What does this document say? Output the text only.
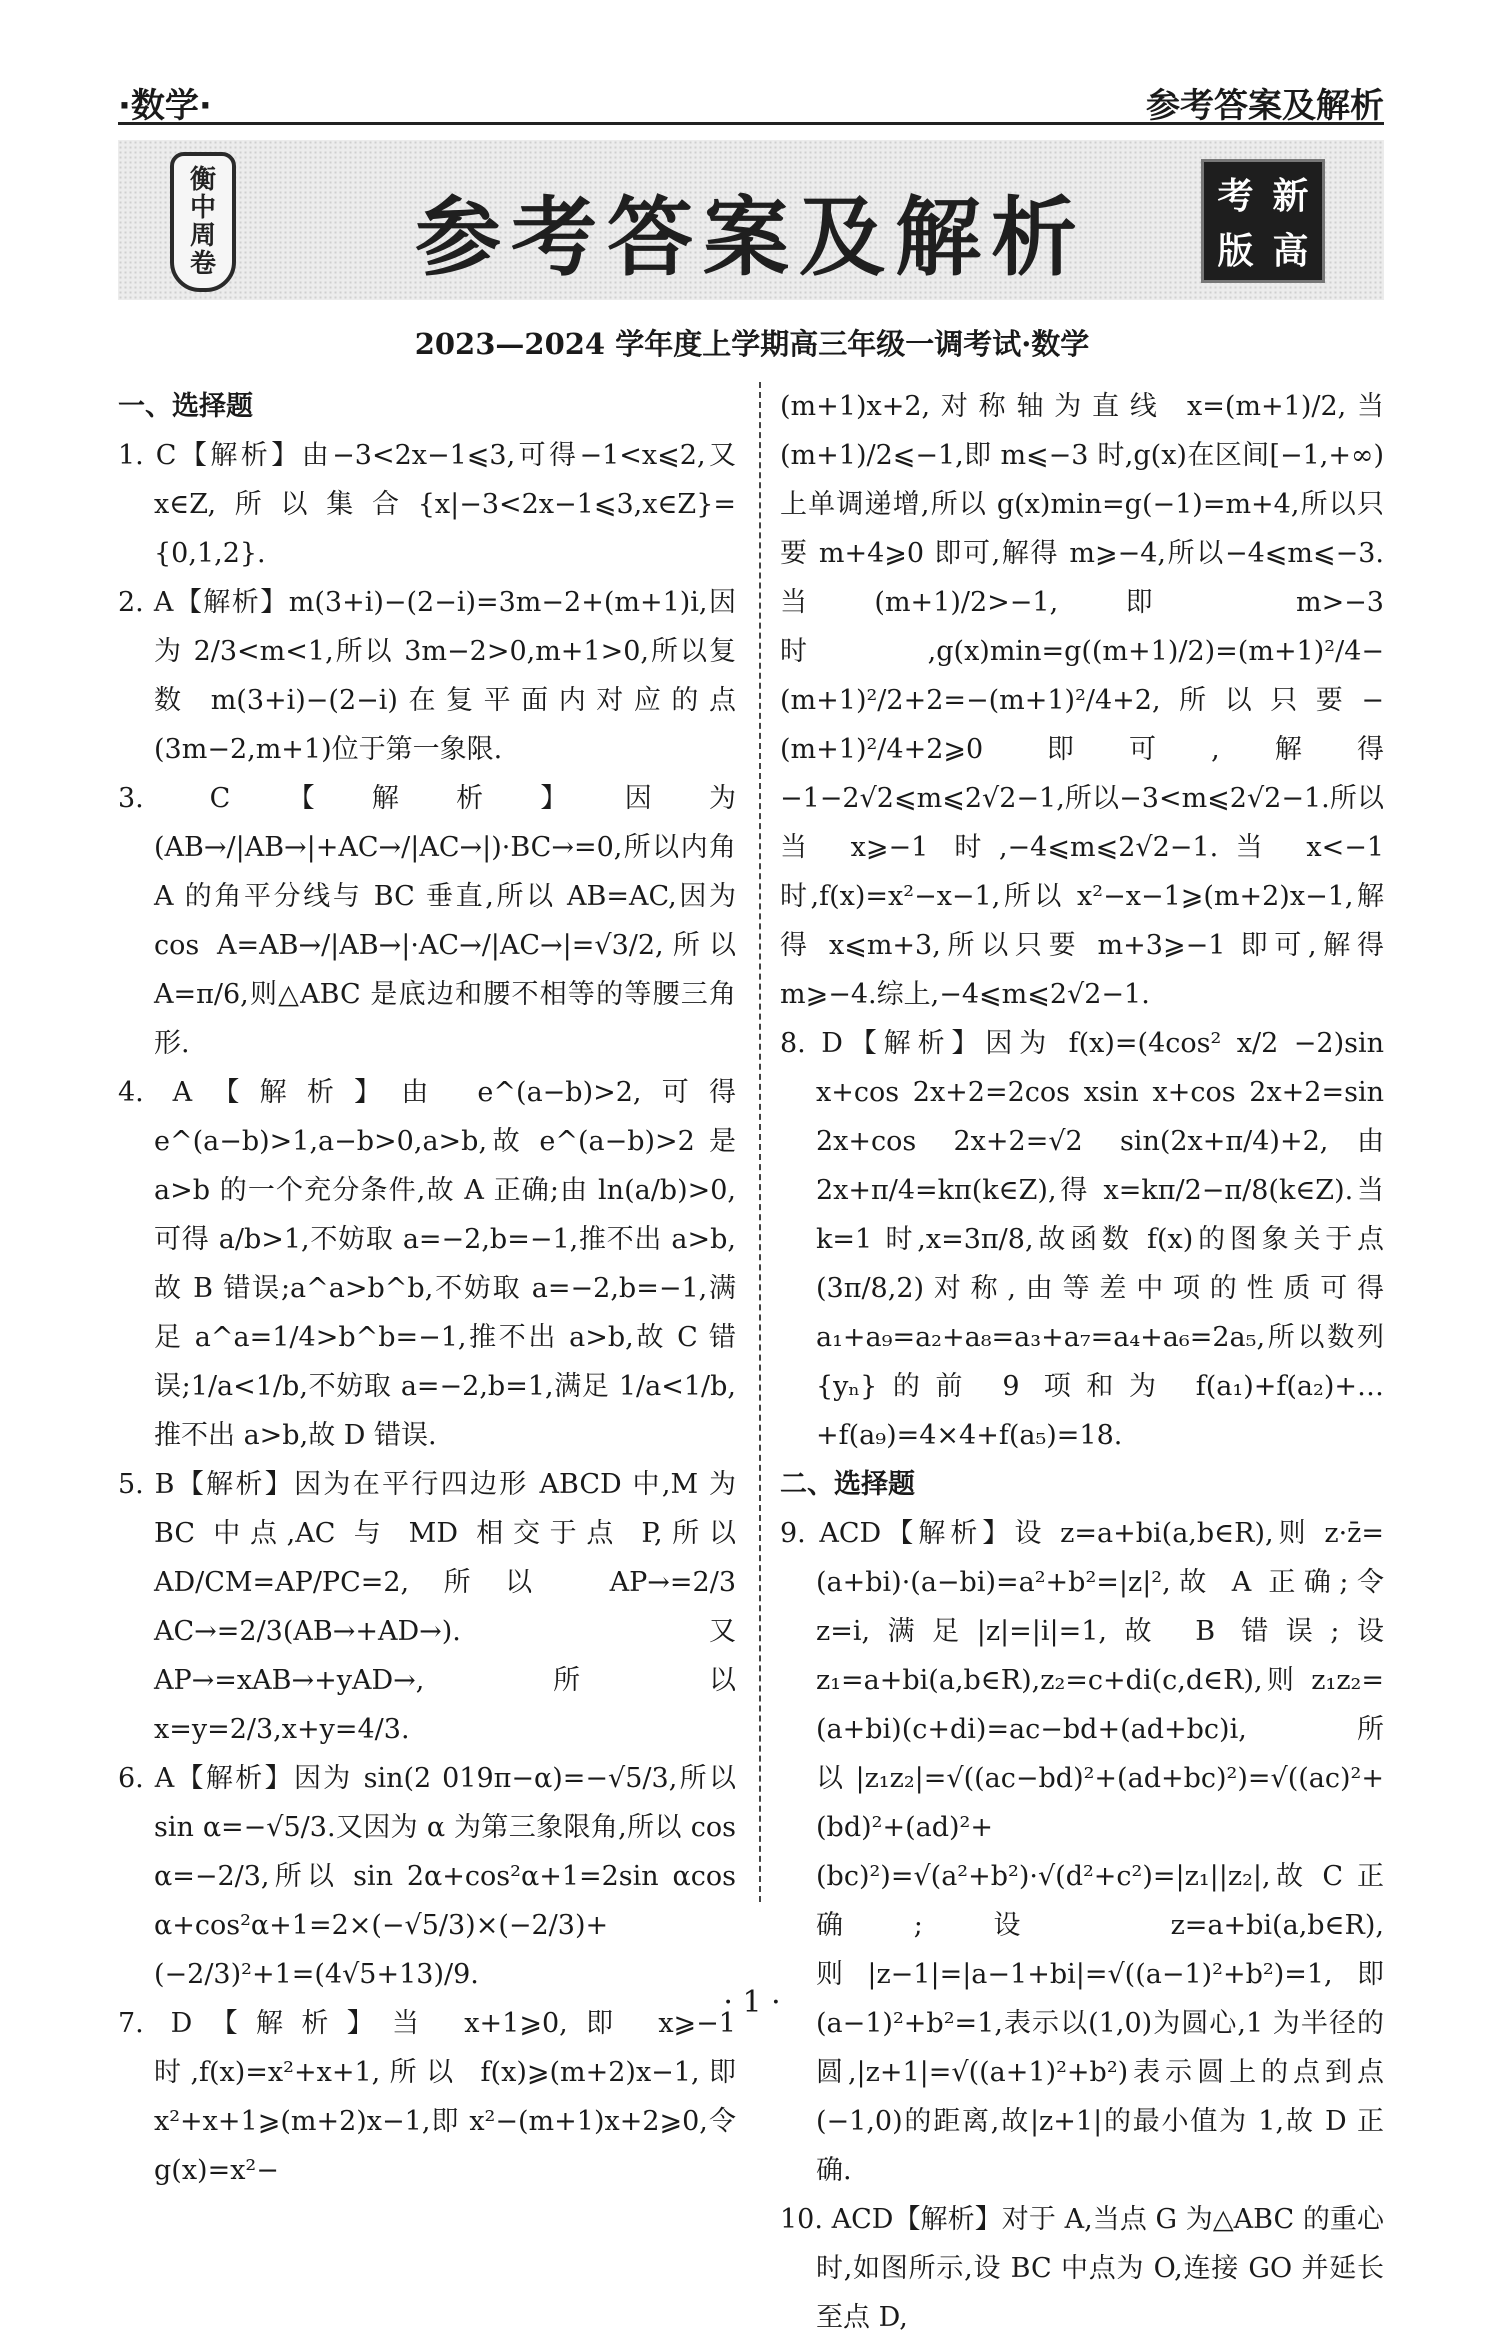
·数学·	参考答案及解析
衡
中
周
卷	参考答案及解析	考 新
版 高
2023—2024 学年度上学期高三年级一调考试·数学

一、选择题

1. C【解析】由−3<2x−1⩽3,可得−1<x⩽2,又 x∈Z,所以集合{x|−3<2x−1⩽3,x∈Z}={0,1,2}.

2. A【解析】m(3+i)−(2−i)=3m−2+(m+1)i,因为 2/3<m<1,所以 3m−2>0,m+1>0,所以复数 m(3+i)−(2−i)在复平面内对应的点(3m−2,m+1)位于第一象限.

3. C【解析】因为(AB→/|AB→|+AC→/|AC→|)·BC→=0,所以内角 A 的角平分线与 BC 垂直,所以 AB=AC,因为 cos A=AB→/|AB→|·AC→/|AC→|=√3/2,所以 A=π/6,则△ABC 是底边和腰不相等的等腰三角形.

4. A【解析】由 e^(a−b)>2,可得 e^(a−b)>1,a−b>0,a>b,故 e^(a−b)>2 是 a>b 的一个充分条件,故 A 正确;由 ln(a/b)>0,可得 a/b>1,不妨取 a=−2,b=−1,推不出 a>b,故 B 错误;a^a>b^b,不妨取 a=−2,b=−1,满足 a^a=1/4>b^b=−1,推不出 a>b,故 C 错误;1/a<1/b,不妨取 a=−2,b=1,满足 1/a<1/b,推不出 a>b,故 D 错误.

5. B【解析】因为在平行四边形 ABCD 中,M 为 BC 中点,AC 与 MD 相交于点 P,所以 AD/CM=AP/PC=2,所以 AP→=2/3 AC→=2/3(AB→+AD→).又 AP→=xAB→+yAD→,所以 x=y=2/3,x+y=4/3.

6. A【解析】因为 sin(2 019π−α)=−√5/3,所以 sin α=−√5/3.又因为 α 为第三象限角,所以 cos α=−2/3,所以 sin 2α+cos²α+1=2sin αcos α+cos²α+1=2×(−√5/3)×(−2/3)+(−2/3)²+1=(4√5+13)/9.

7. D【解析】当 x+1⩾0,即 x⩾−1 时,f(x)=x²+x+1,所以 f(x)⩾(m+2)x−1,即 x²+x+1⩾(m+2)x−1,即 x²−(m+1)x+2⩾0,令 g(x)=x²−

(m+1)x+2,对称轴为直线 x=(m+1)/2,当(m+1)/2⩽−1,即 m⩽−3 时,g(x)在区间[−1,+∞)上单调递增,所以 g(x)min=g(−1)=m+4,所以只要 m+4⩾0 即可,解得 m⩾−4,所以−4⩽m⩽−3.当(m+1)/2>−1,即 m>−3 时,g(x)min=g((m+1)/2)=(m+1)²/4−(m+1)²/2+2=−(m+1)²/4+2,所以只要−(m+1)²/4+2⩾0 即可,解得−1−2√2⩽m⩽2√2−1,所以−3<m⩽2√2−1.所以当 x⩾−1 时,−4⩽m⩽2√2−1.当 x<−1 时,f(x)=x²−x−1,所以 x²−x−1⩾(m+2)x−1,解得 x⩽m+3,所以只要 m+3⩾−1 即可,解得 m⩾−4.综上,−4⩽m⩽2√2−1.

8. D【解析】因为 f(x)=(4cos² x/2 −2)sin x+cos 2x+2=2cos xsin x+cos 2x+2=sin 2x+cos 2x+2=√2 sin(2x+π/4)+2,由 2x+π/4=kπ(k∈Z),得 x=kπ/2−π/8(k∈Z).当 k=1 时,x=3π/8,故函数 f(x)的图象关于点(3π/8,2)对称,由等差中项的性质可得 a₁+a₉=a₂+a₈=a₃+a₇=a₄+a₆=2a₅,所以数列{yₙ}的前 9 项和为 f(a₁)+f(a₂)+…+f(a₉)=4×4+f(a₅)=18.

二、选择题

9. ACD【解析】设 z=a+bi(a,b∈R),则 z·z̄=(a+bi)·(a−bi)=a²+b²=|z|²,故 A 正确;令 z=i,满足|z|=|i|=1,故 B 错误;设 z₁=a+bi(a,b∈R),z₂=c+di(c,d∈R),则 z₁z₂=(a+bi)(c+di)=ac−bd+(ad+bc)i,所以|z₁z₂|=√((ac−bd)²+(ad+bc)²)=√((ac)²+(bd)²+(ad)²+(bc)²)=√(a²+b²)·√(d²+c²)=|z₁||z₂|,故 C 正确;设 z=a+bi(a,b∈R),则|z−1|=|a−1+bi|=√((a−1)²+b²)=1,即(a−1)²+b²=1,表示以(1,0)为圆心,1 为半径的圆,|z+1|=√((a+1)²+b²)表示圆上的点到点(−1,0)的距离,故|z+1|的最小值为 1,故 D 正确.

10. ACD【解析】对于 A,当点 G 为△ABC 的重心时,如图所示,设 BC 中点为 O,连接 GO 并延长至点 D,

· 1 ·
